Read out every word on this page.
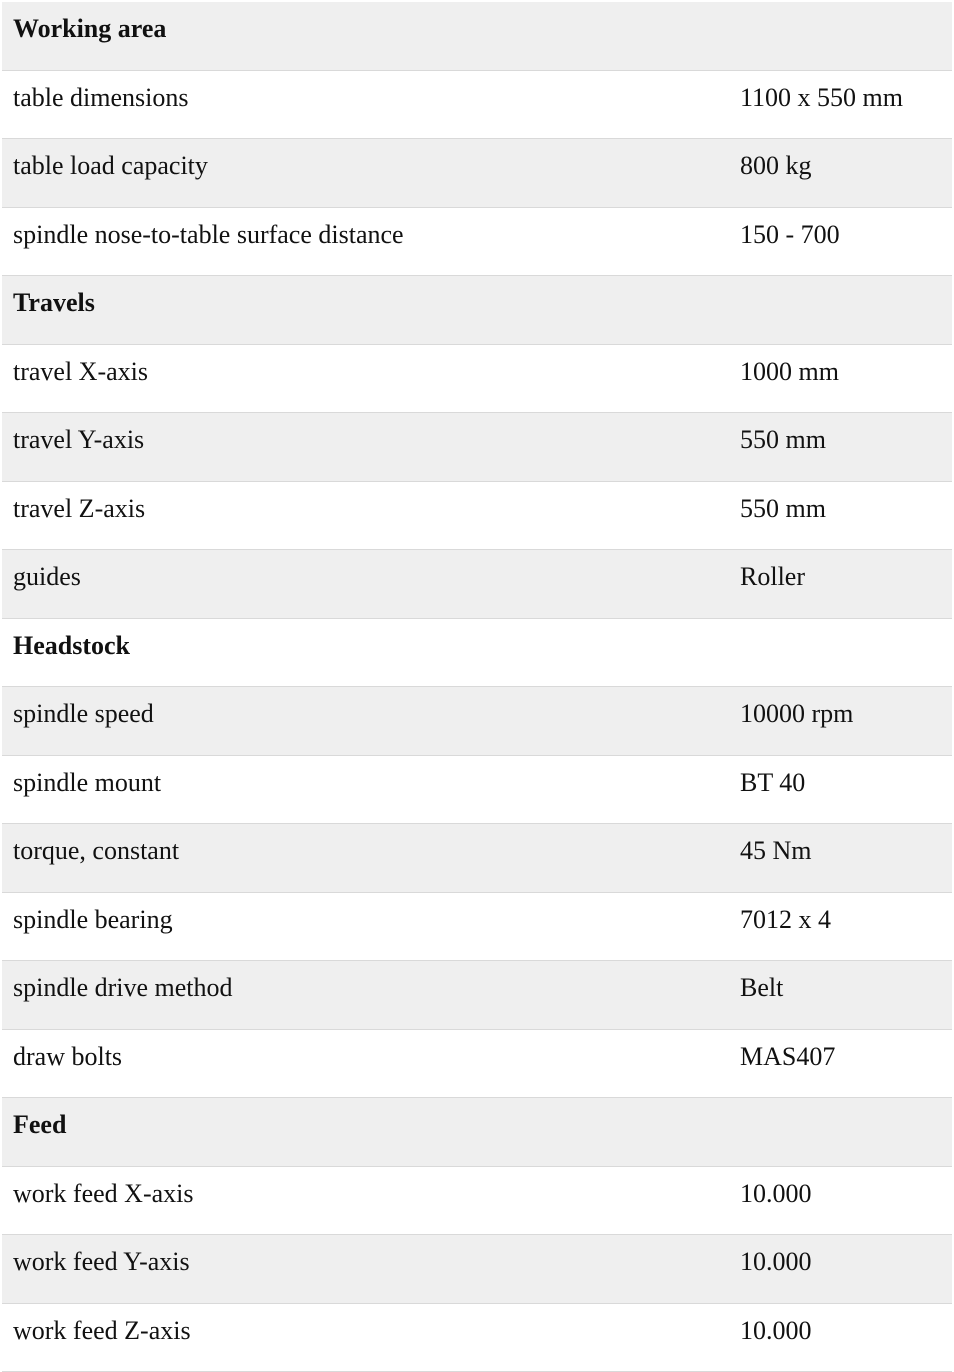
Working area
table dimensions	1100 x 550 mm
table load capacity	800 kg
spindle nose-to-table surface distance	150 - 700
Travels
travel X-axis	1000 mm
travel Y-axis	550 mm
travel Z-axis	550 mm
guides	Roller
Headstock
spindle speed	10000 rpm
spindle mount	BT 40
torque, constant	45 Nm
spindle bearing	7012 x 4
spindle drive method	Belt
draw bolts	MAS407
Feed
work feed X-axis	10.000
work feed Y-axis	10.000
work feed Z-axis	10.000
